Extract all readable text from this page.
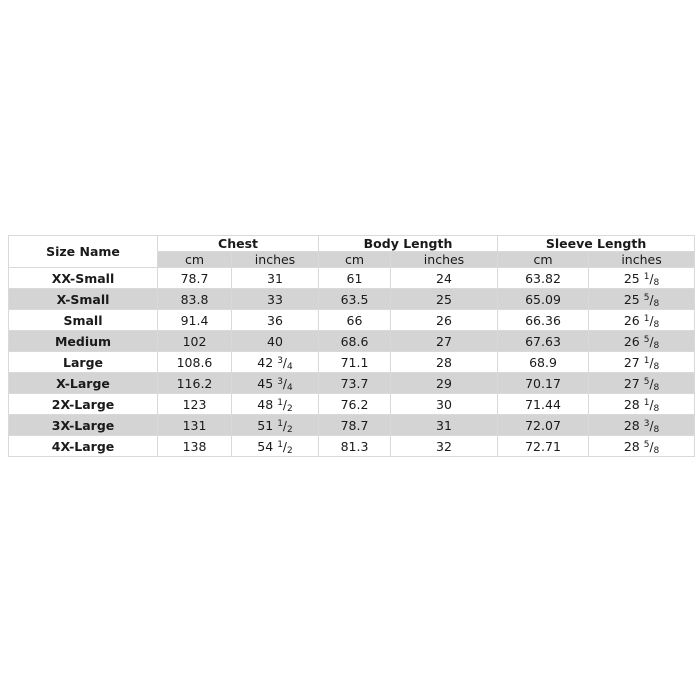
Size Name	Chest		Body Length		Sleeve Length	
	cm	inches	cm	inches	cm	inches
XX-Small	78.7	31	61	24	63.82	25 $^1/_8$
X-Small	83.8	33	63.5	25	65.09	25 $^5/_8$
Small	91.4	36	66	26	66.36	26 $^1/_8$
Medium	102	40	68.6	27	67.63	26 $^5/_8$
Large	108.6	42 $^3/_4$	71.1	28	68.9	27 $^1/_8$
X-Large	116.2	45 $^3/_4$	73.7	29	70.17	27 $^5/_8$
2X-Large	123	48 $^1/_2$	76.2	30	71.44	28 $^1/_8$
3X-Large	131	51 $^1/_2$	78.7	31	72.07	28 $^3/_8$
4X-Large	138	54 $^1/_2$	81.3	32	72.71	28 $^5/_8$
